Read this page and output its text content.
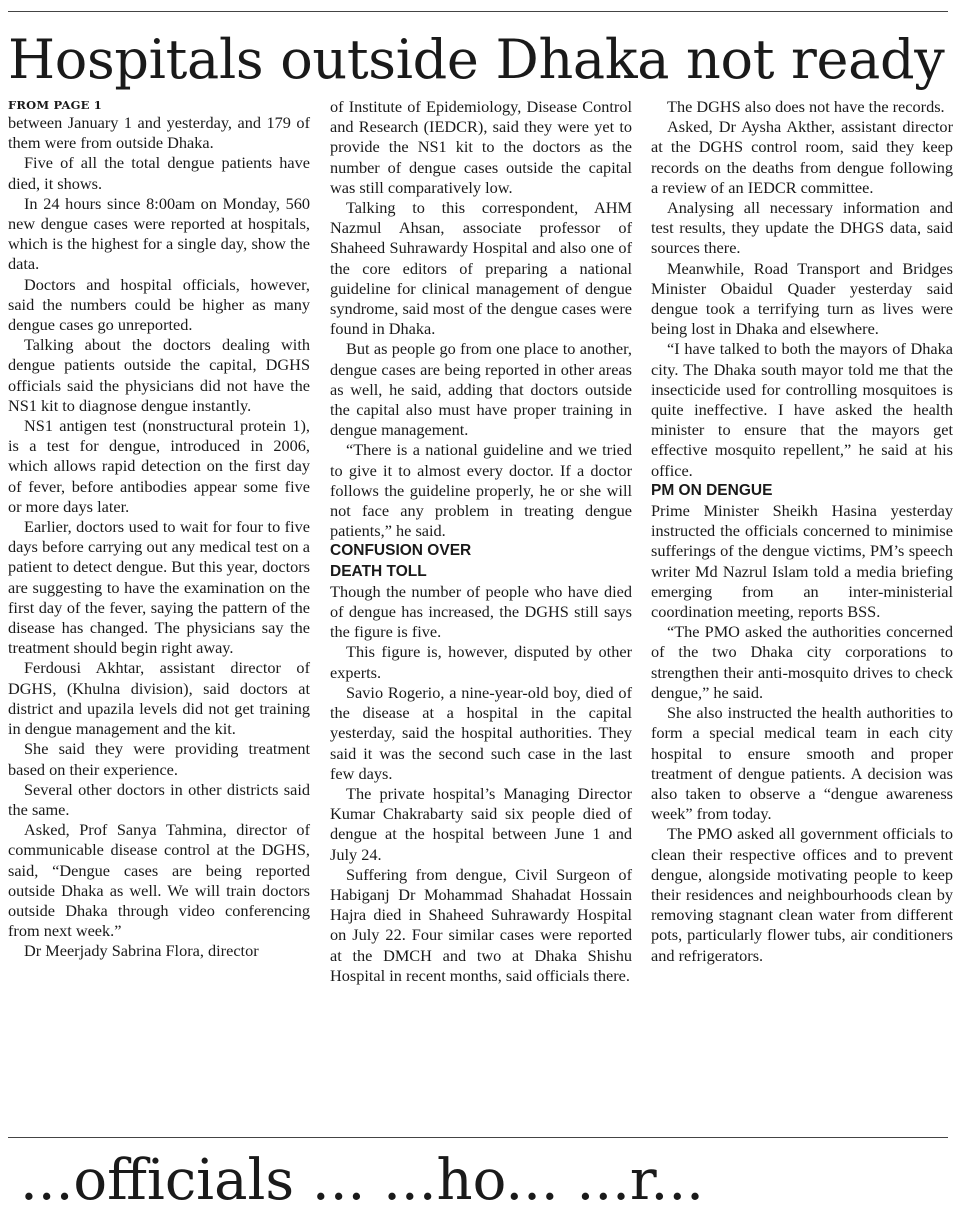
Hospitals outside Dhaka not ready
FROM PAGE 1

between January 1 and yesterday, and 179 of them were from outside Dhaka.

Five of all the total dengue patients have died, it shows.

In 24 hours since 8:00am on Monday, 560 new dengue cases were reported at hospitals, which is the highest for a single day, show the data.

Doctors and hospital officials, however, said the numbers could be higher as many dengue cases go unreported.

Talking about the doctors dealing with dengue patients outside the capital, DGHS officials said the physicians did not have the NS1 kit to diagnose dengue instantly.

NS1 antigen test (nonstructural protein 1), is a test for dengue, introduced in 2006, which allows rapid detection on the first day of fever, before antibodies appear some five or more days later.

Earlier, doctors used to wait for four to five days before carrying out any medical test on a patient to detect dengue. But this year, doctors are suggesting to have the examination on the first day of the fever, saying the pattern of the disease has changed. The physicians say the treatment should begin right away.

Ferdousi Akhtar, assistant director of DGHS, (Khulna division), said doctors at district and upazila levels did not get training in dengue management and the kit.

She said they were providing treatment based on their experience.

Several other doctors in other districts said the same.

Asked, Prof Sanya Tahmina, director of communicable disease control at the DGHS, said, “Dengue cases are being reported outside Dhaka as well. We will train doctors outside Dhaka through video conferencing from next week.”

Dr Meerjady Sabrina Flora, director

of Institute of Epidemiology, Disease Control and Research (IEDCR), said they were yet to provide the NS1 kit to the doctors as the number of dengue cases outside the capital was still comparatively low.

Talking to this correspondent, AHM Nazmul Ahsan, associate professor of Shaheed Suhrawardy Hospital and also one of the core editors of preparing a national guideline for clinical management of dengue syndrome, said most of the dengue cases were found in Dhaka.

But as people go from one place to another, dengue cases are being reported in other areas as well, he said, adding that doctors outside the capital also must have proper training in dengue management.

“There is a national guideline and we tried to give it to almost every doctor. If a doctor follows the guideline properly, he or she will not face any problem in treating dengue patients,” he said.

CONFUSION OVER
DEATH TOLL

Though the number of people who have died of dengue has increased, the DGHS still says the figure is five.

This figure is, however, disputed by other experts.

Savio Rogerio, a nine-year-old boy, died of the disease at a hospital in the capital yesterday, said the hospital authorities. They said it was the second such case in the last few days.

The private hospital’s Managing Director Kumar Chakrabarty said six people died of dengue at the hospital between June 1 and July 24.

Suffering from dengue, Civil Surgeon of Habiganj Dr Mohammad Shahadat Hossain Hajra died in Shaheed Suhrawardy Hospital on July 22. Four similar cases were reported at the DMCH and two at Dhaka Shishu Hospital in recent months, said officials there.

The DGHS also does not have the records.

Asked, Dr Aysha Akther, assistant director at the DGHS control room, said they keep records on the deaths from dengue following a review of an IEDCR committee.

Analysing all necessary information and test results, they update the DHGS data, said sources there.

Meanwhile, Road Transport and Bridges Minister Obaidul Quader yesterday said dengue took a terrifying turn as lives were being lost in Dhaka and elsewhere.

“I have talked to both the mayors of Dhaka city. The Dhaka south mayor told me that the insecticide used for controlling mosquitoes is quite ineffective. I have asked the health minister to ensure that the mayors get effective mosquito repellent,” he said at his office.

PM ON DENGUE

Prime Minister Sheikh Hasina yesterday instructed the officials concerned to minimise sufferings of the dengue victims, PM’s speech writer Md Nazrul Islam told a media briefing emerging from an inter-ministerial coordination meeting, reports BSS.

“The PMO asked the authorities concerned of the two Dhaka city corporations to strengthen their anti-mosquito drives to check dengue,” he said.

She also instructed the health authorities to form a special medical team in each city hospital to ensure smooth and proper treatment of dengue patients. A decision was also taken to observe a “dengue awareness week” from today.

The PMO asked all government officials to clean their respective offices and to prevent dengue, alongside motivating people to keep their residences and neighbourhoods clean by removing stagnant clean water from different pots, particularly flower tubs, air conditioners and refrigerators.

...officials ... ...ho... ...r...
